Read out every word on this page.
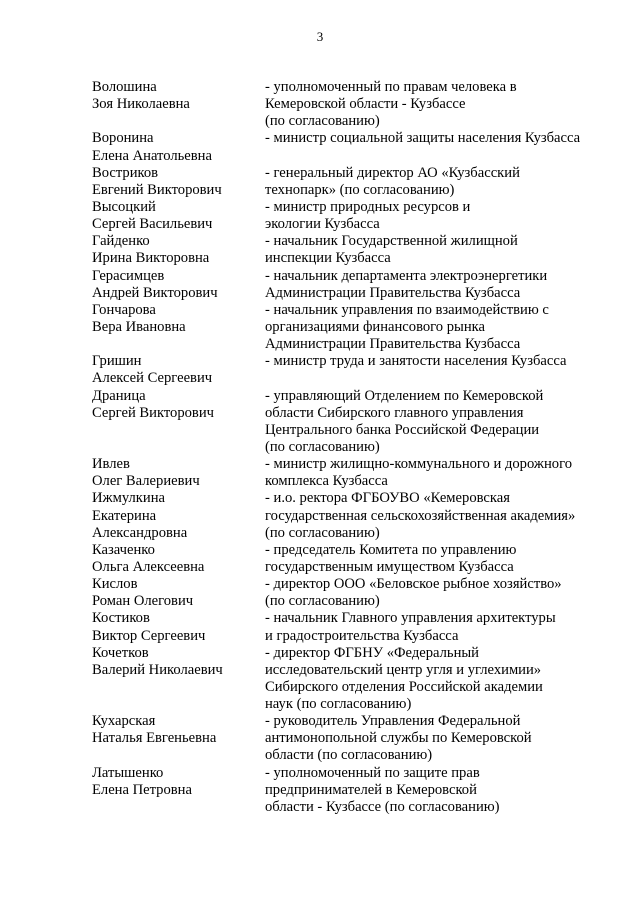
3
Волошина
Зоя Николаевна
- уполномоченный по правам человека в
Кемеровской области - Кузбассе
(по согласованию)
Воронина
Елена Анатольевна
- министр социальной защиты населения Кузбасса
Востриков
Евгений Викторович
- генеральный директор АО «Кузбасский
технопарк» (по согласованию)
Высоцкий
Сергей Васильевич
- министр природных ресурсов и
экологии Кузбасса
Гайденко
Ирина Викторовна
- начальник Государственной жилищной
инспекции Кузбасса
Герасимцев
Андрей Викторович
- начальник департамента электроэнергетики
Администрации Правительства Кузбасса
Гончарова
Вера Ивановна
- начальник управления по взаимодействию с
организациями финансового рынка
Администрации Правительства Кузбасса
Гришин
Алексей Сергеевич
- министр труда и занятости населения Кузбасса
Драница
Сергей Викторович
- управляющий Отделением по Кемеровской
области Сибирского главного управления
Центрального банка Российской Федерации
(по согласованию)
Ивлев
Олег Валериевич
- министр жилищно-коммунального и дорожного
комплекса Кузбасса
Ижмулкина
Екатерина
Александровна
- и.о. ректора ФГБОУВО «Кемеровская
государственная сельскохозяйственная академия»
(по согласованию)
Казаченко
Ольга Алексеевна
- председатель Комитета по управлению
государственным имуществом Кузбасса
Кислов
Роман Олегович
- директор ООО «Беловское рыбное хозяйство»
(по согласованию)
Костиков
Виктор Сергеевич
- начальник Главного управления архитектуры
и градостроительства Кузбасса
Кочетков
Валерий Николаевич
- директор ФГБНУ «Федеральный
исследовательский центр угля и углехимии»
Сибирского отделения Российской академии
наук (по согласованию)
Кухарская
Наталья Евгеньевна
- руководитель Управления Федеральной
антимонопольной службы по Кемеровской
области (по согласованию)
Латышенко
Елена Петровна
- уполномоченный по защите прав
предпринимателей в Кемеровской
области - Кузбассе (по согласованию)
